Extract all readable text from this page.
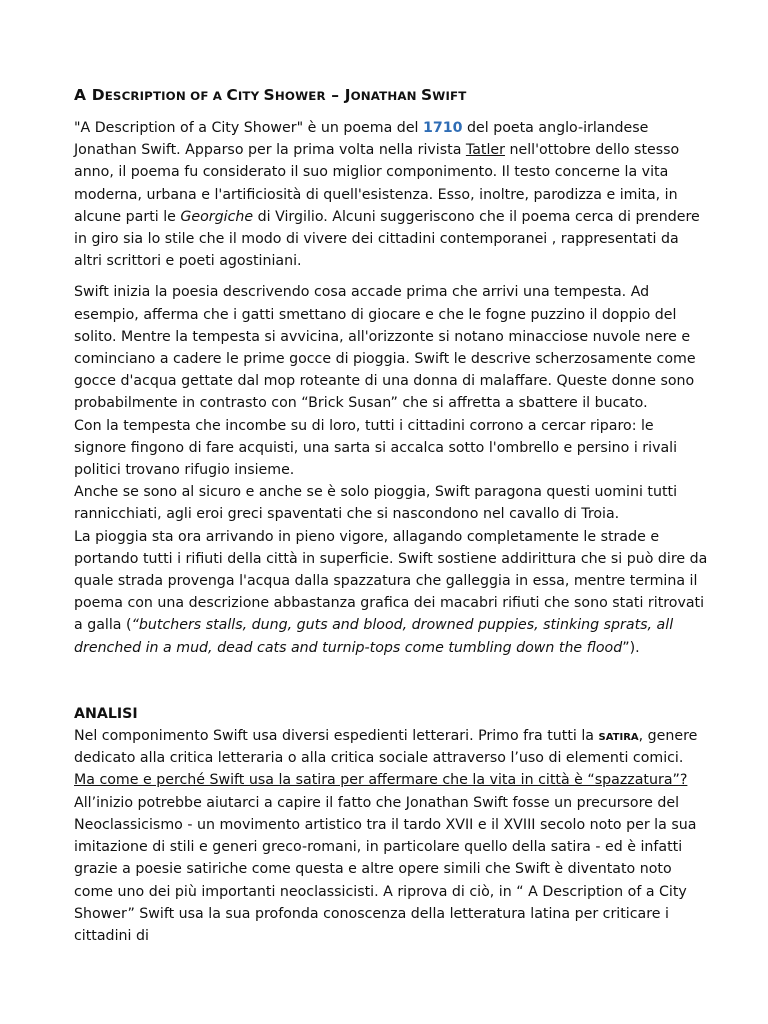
A DESCRIPTION OF A CITY SHOWER – JONATHAN SWIFT

"A Description of a City Shower" è un poema del 1710 del poeta anglo-irlandese Jonathan Swift. Apparso per la prima volta nella rivista Tatler nell'ottobre dello stesso anno, il poema fu considerato il suo miglior componimento. Il testo concerne la vita moderna, urbana e l'artificiosità di quell'esistenza. Esso, inoltre, parodizza e imita, in alcune parti le Georgiche di Virgilio. Alcuni suggeriscono che il poema cerca di prendere in giro sia lo stile che il modo di vivere dei cittadini contemporanei , rappresentati da altri scrittori e poeti agostiniani.

Swift inizia la poesia descrivendo cosa accade prima che arrivi una tempesta. Ad esempio, afferma che i gatti smettano di giocare e che le fogne puzzino il doppio del solito. Mentre la tempesta si avvicina, all'orizzonte si notano minacciose nuvole nere e cominciano a cadere le prime gocce di pioggia. Swift le descrive scherzosamente come gocce d'acqua gettate dal mop roteante di una donna di malaffare. Queste donne sono probabilmente in contrasto con “Brick Susan” che si affretta a sbattere il bucato.
Con la tempesta che incombe su di loro, tutti i cittadini corrono a cercar riparo: le signore fingono di fare acquisti, una sarta si accalca sotto l'ombrello e persino i rivali politici trovano rifugio insieme.
Anche se sono al sicuro e anche se è solo pioggia, Swift paragona questi uomini tutti rannicchiati, agli eroi greci spaventati che si nascondono nel cavallo di Troia.
La pioggia sta ora arrivando in pieno vigore, allagando completamente le strade e portando tutti i rifiuti della città in superficie. Swift sostiene addirittura che si può dire da quale strada provenga l'acqua dalla spazzatura che galleggia in essa, mentre termina il poema con una descrizione abbastanza grafica dei macabri rifiuti che sono stati ritrovati a galla (“butchers stalls, dung, guts and blood, drowned puppies, stinking sprats, all drenched in a mud, dead cats and turnip-tops come tumbling down the flood”).

ANALISI

Nel componimento Swift usa diversi espedienti letterari. Primo fra tutti la satira, genere dedicato alla critica letteraria o alla critica sociale attraverso l’uso di elementi comici.
Ma come e perché Swift usa la satira per affermare che la vita in città è “spazzatura”?
All’inizio potrebbe aiutarci a capire il fatto che Jonathan Swift fosse un precursore del Neoclassicismo - un movimento artistico tra il tardo XVII e il XVIII secolo noto per la sua imitazione di stili e generi greco-romani, in particolare quello della satira - ed è infatti grazie a poesie satiriche come questa e altre opere simili che Swift è diventato noto come uno dei più importanti neoclassicisti. A riprova di ciò, in “ A Description of a City Shower” Swift usa la sua profonda conoscenza della letteratura latina per criticare i cittadini di
